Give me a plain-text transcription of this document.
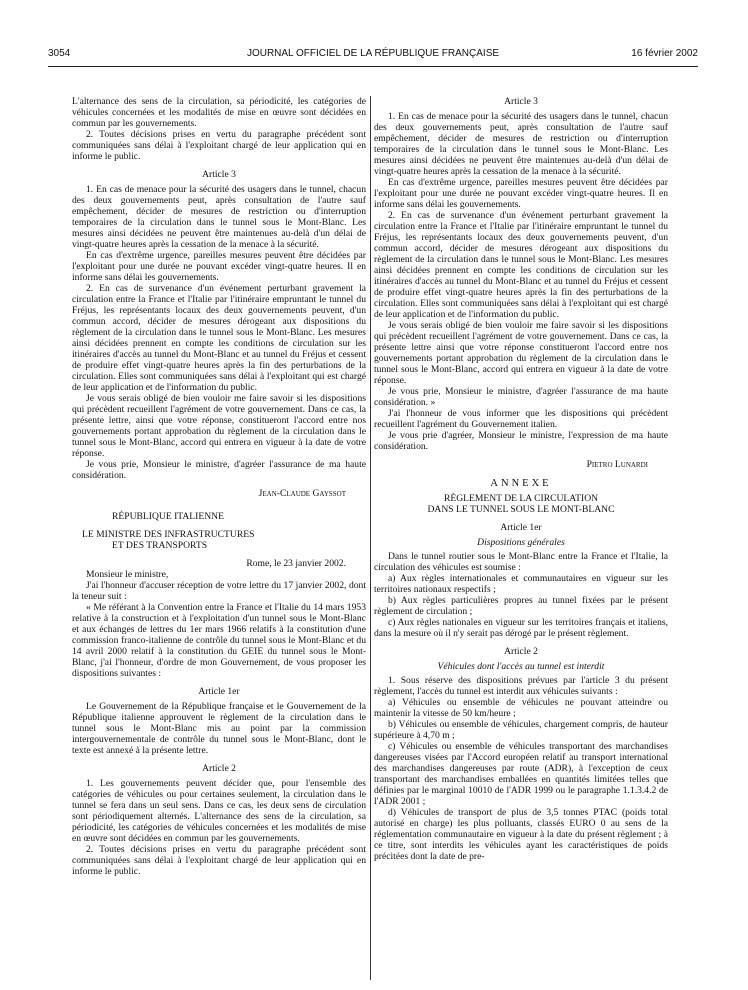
3054	JOURNAL OFFICIEL DE LA RÉPUBLIQUE FRANÇAISE	16 février 2002

L'alternance des sens de la circulation, sa périodicité, les catégories de véhicules concernées et les modalités de mise en œuvre sont décidées en commun par les gouvernements.

2. Toutes décisions prises en vertu du paragraphe précédent sont communiquées sans délai à l'exploitant chargé de leur application qui en informe le public.

Article 3

1. En cas de menace pour la sécurité des usagers dans le tunnel, chacun des deux gouvernements peut, après consultation de l'autre sauf empêchement, décider de mesures de restriction ou d'interruption temporaires de la circulation dans le tunnel sous le Mont-Blanc. Les mesures ainsi décidées ne peuvent être maintenues au-delà d'un délai de vingt-quatre heures après la cessation de la menace à la sécurité.

En cas d'extrême urgence, pareilles mesures peuvent être décidées par l'exploitant pour une durée ne pouvant excéder vingt-quatre heures. Il en informe sans délai les gouvernements.

2. En cas de survenance d'un événement perturbant gravement la circulation entre la France et l'Italie par l'itinéraire empruntant le tunnel du Fréjus, les représentants locaux des deux gouvernements peuvent, d'un commun accord, décider de mesures dérogeant aux dispositions du règlement de la circulation dans le tunnel sous le Mont-Blanc. Les mesures ainsi décidées prennent en compte les conditions de circulation sur les itinéraires d'accès au tunnel du Mont-Blanc et au tunnel du Fréjus et cessent de produire effet vingt-quatre heures après la fin des perturbations de la circulation. Elles sont communiquées sans délai à l'exploitant qui est chargé de leur application et de l'information du public.

Je vous serais obligé de bien vouloir me faire savoir si les dispositions qui précèdent recueillent l'agrément de votre gouvernement. Dans ce cas, la présente lettre, ainsi que votre réponse, constitueront l'accord entre nos gouvernements portant approbation du règlement de la circulation dans le tunnel sous le Mont-Blanc, accord qui entrera en vigueur à la date de votre réponse.

Je vous prie, Monsieur le ministre, d'agréer l'assurance de ma haute considération.

Jean-Claude Gayssot
RÉPUBLIQUE ITALIENNE
LE MINISTRE DES INFRASTRUCTURES
ET DES TRANSPORTS
Rome, le 23 janvier 2002.

Monsieur le ministre,

J'ai l'honneur d'accuser réception de votre lettre du 17 janvier 2002, dont la teneur suit :

« Me référant à la Convention entre la France et l'Italie du 14 mars 1953 relative à la construction et à l'exploitation d'un tunnel sous le Mont-Blanc et aux échanges de lettres du 1er mars 1966 relatifs à la constitution d'une commission franco-italienne de contrôle du tunnel sous le Mont-Blanc et du 14 avril 2000 relatif à la constitution du GEIE du tunnel sous le Mont-Blanc, j'ai l'honneur, d'ordre de mon Gouvernement, de vous proposer les dispositions suivantes :

Article 1er

Le Gouvernement de la République française et le Gouvernement de la République italienne approuvent le règlement de la circulation dans le tunnel sous le Mont-Blanc mis au point par la commission intergouvernementale de contrôle du tunnel sous le Mont-Blanc, dont le texte est annexé à la présente lettre.

Article 2

1. Les gouvernements peuvent décider que, pour l'ensemble des catégories de véhicules ou pour certaines seulement, la circulation dans le tunnel se fera dans un seul sens. Dans ce cas, les deux sens de circulation sont périodiquement alternés. L'alternance des sens de la circulation, sa périodicité, les catégories de véhicules concernées et les modalités de mise en œuvre sont décidées en commun par les gouvernements.

2. Toutes décisions prises en vertu du paragraphe précédent sont communiquées sans délai à l'exploitant chargé de leur application qui en informe le public.

Article 3

1. En cas de menace pour la sécurité des usagers dans le tunnel, chacun des deux gouvernements peut, après consultation de l'autre sauf empêchement, décider de mesures de restriction ou d'interruption temporaires de la circulation dans le tunnel sous le Mont-Blanc. Les mesures ainsi décidées ne peuvent être maintenues au-delà d'un délai de vingt-quatre heures après la cessation de la menace à la sécurité.

En cas d'extrême urgence, pareilles mesures peuvent être décidées par l'exploitant pour une durée ne pouvant excéder vingt-quatre heures. Il en informe sans délai les gouvernements.

2. En cas de survenance d'un événement perturbant gravement la circulation entre la France et l'Italie par l'itinéraire empruntant le tunnel du Fréjus, les représentants locaux des deux gouvernements peuvent, d'un commun accord, décider de mesures dérogeant aux dispositions du règlement de la circulation dans le tunnel sous le Mont-Blanc. Les mesures ainsi décidées prennent en compte les conditions de circulation sur les itinéraires d'accès au tunnel du Mont-Blanc et au tunnel du Fréjus et cessent de produire effet vingt-quatre heures après la fin des perturbations de la circulation. Elles sont communiquées sans délai à l'exploitant qui est chargé de leur application et de l'information du public.

Je vous serais obligé de bien vouloir me faire savoir si les dispositions qui précèdent recueillent l'agrément de votre gouvernement. Dans ce cas, la présente lettre ainsi que votre réponse constitueront l'accord entre nos gouvernements portant approbation du règlement de la circulation dans le tunnel sous le Mont-Blanc, accord qui entrera en vigueur à la date de votre réponse.

Je vous prie, Monsieur le ministre, d'agréer l'assurance de ma haute considération. »

J'ai l'honneur de vous informer que les dispositions qui précèdent recueillent l'agrément du Gouvernement italien.

Je vous prie d'agréer, Monsieur le ministre, l'expression de ma haute considération.

Pietro Lunardi
ANNEXE
RÈGLEMENT DE LA CIRCULATION
DANS LE TUNNEL SOUS LE MONT-BLANC
Article 1er
Dispositions générales

Dans le tunnel routier sous le Mont-Blanc entre la France et l'Italie, la circulation des véhicules est soumise :

a) Aux règles internationales et communautaires en vigueur sur les territoires nationaux respectifs ;

b) Aux règles particulières propres au tunnel fixées par le présent règlement de circulation ;

c) Aux règles nationales en vigueur sur les territoires français et italiens, dans la mesure où il n'y serait pas dérogé par le présent règlement.

Article 2
Véhicules dont l'accès au tunnel est interdit

1. Sous réserve des dispositions prévues par l'article 3 du présent règlement, l'accès du tunnel est interdit aux véhicules suivants :

a) Véhicules ou ensemble de véhicules ne pouvant atteindre ou maintenir la vitesse de 50 km/heure ;

b) Véhicules ou ensemble de véhicules, chargement compris, de hauteur supérieure à 4,70 m ;

c) Véhicules ou ensemble de véhicules transportant des marchandises dangereuses visées par l'Accord européen relatif au transport international des marchandises dangereuses par route (ADR), à l'exception de ceux transportant des marchandises emballées en quantités limitées telles que définies par le marginal 10010 de l'ADR 1999 ou le paragraphe 1.1.3.4.2 de l'ADR 2001 ;

d) Véhicules de transport de plus de 3,5 tonnes PTAC (poids total autorisé en charge) les plus polluants, classés EURO 0 au sens de la réglementation communautaire en vigueur à la date du présent règlement ; à ce titre, sont interdits les véhicules ayant les caractéristiques de poids précitées dont la date de pre-
